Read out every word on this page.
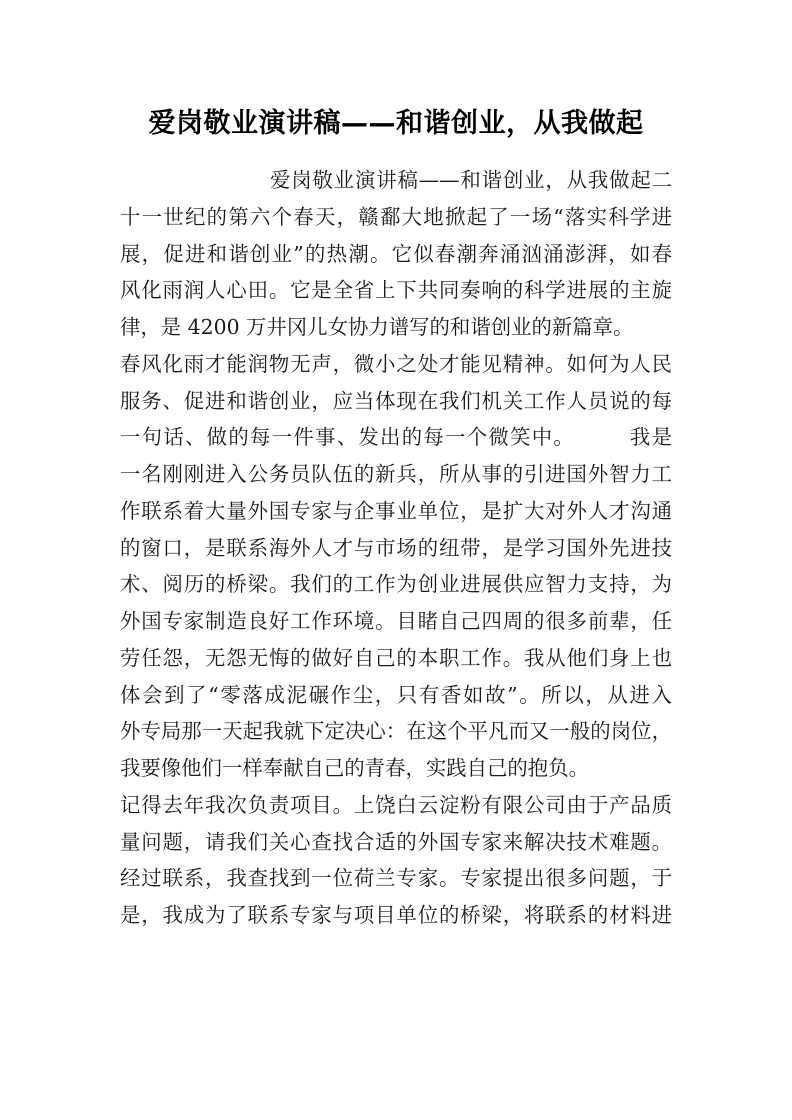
爱岗敬业演讲稿——和谐创业，从我做起
爱岗敬业演讲稿——和谐创业，从我做起二
十一世纪的第六个春天，赣鄱大地掀起了一场“落实科学进
展，促进和谐创业”的热潮。它似春潮奔涌汹涌澎湃，如春
风化雨润人心田。它是全省上下共同奏响的科学进展的主旋
律，是 4200 万井冈儿女协力谱写的和谐创业的新篇章。
春风化雨才能润物无声，微小之处才能见精神。如何为人民
服务、促进和谐创业，应当体现在我们机关工作人员说的每
一句话、做的每一件事、发出的每一个微笑中。　　　我是
一名刚刚进入公务员队伍的新兵，所从事的引进国外智力工
作联系着大量外国专家与企事业单位，是扩大对外人才沟通
的窗口，是联系海外人才与市场的纽带，是学习国外先进技
术、阅历的桥梁。我们的工作为创业进展供应智力支持，为
外国专家制造良好工作环境。目睹自己四周的很多前辈，任
劳任怨，无怨无悔的做好自己的本职工作。我从他们身上也
体会到了“零落成泥碾作尘，只有香如故”。所以，从进入
外专局那一天起我就下定决心：在这个平凡而又一般的岗位，
我要像他们一样奉献自己的青春，实践自己的抱负。
记得去年我次负责项目。上饶白云淀粉有限公司由于产品质
量问题，请我们关心查找合适的外国专家来解决技术难题。
经过联系，我查找到一位荷兰专家。专家提出很多问题，于
是，我成为了联系专家与项目单位的桥梁，将联系的材料进
